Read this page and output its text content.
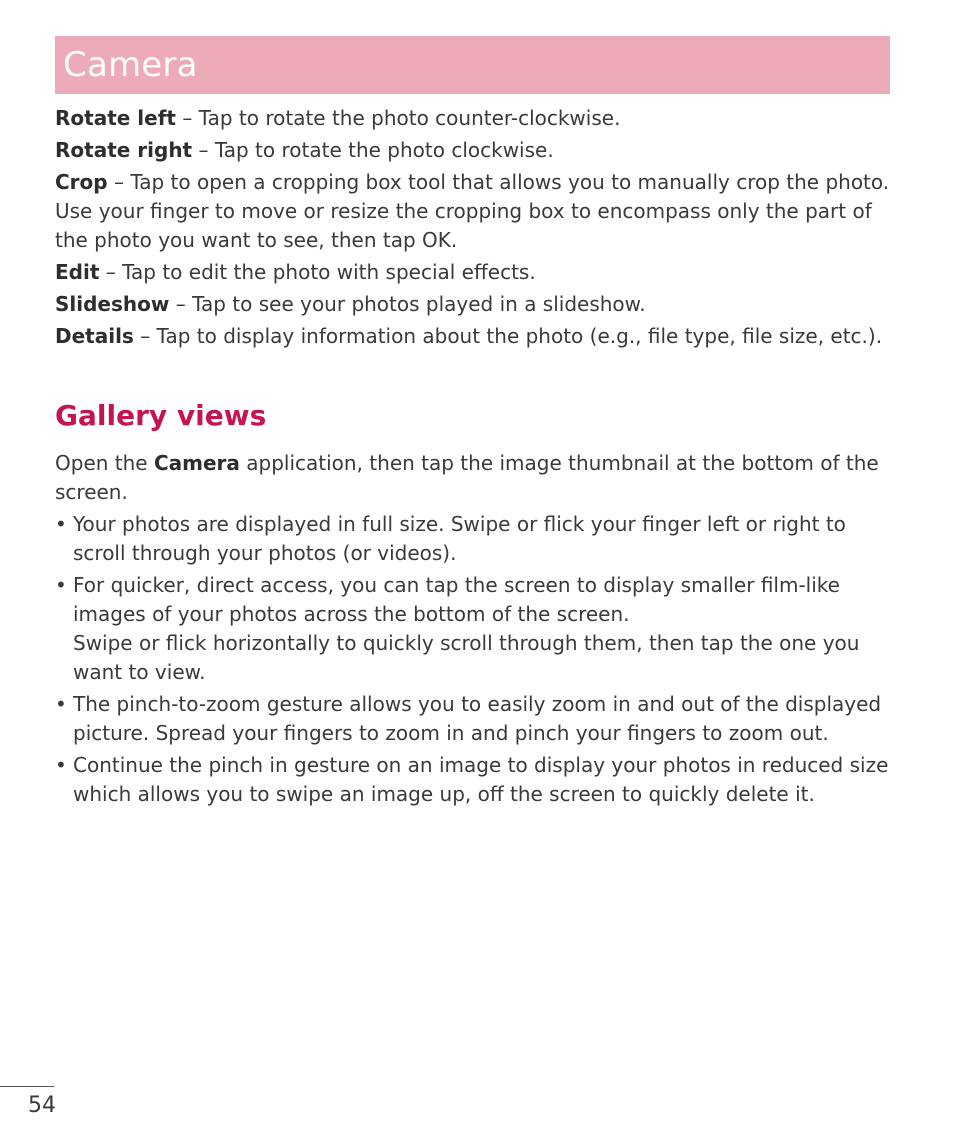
Camera

Rotate left – Tap to rotate the photo counter-clockwise.

Rotate right – Tap to rotate the photo clockwise.

Crop – Tap to open a cropping box tool that allows you to manually crop the photo. Use your finger to move or resize the cropping box to encompass only the part of the photo you want to see, then tap OK.

Edit – Tap to edit the photo with special effects.

Slideshow – Tap to see your photos played in a slideshow.

Details – Tap to display information about the photo (e.g., file type, file size, etc.).

Gallery views

Open the Camera application, then tap the image thumbnail at the bottom of the screen.

• Your photos are displayed in full size. Swipe or flick your finger left or right to scroll through your photos (or videos).
• For quicker, direct access, you can tap the screen to display smaller film-like images of your photos across the bottom of the screen.
Swipe or flick horizontally to quickly scroll through them, then tap the one you want to view.
• The pinch-to-zoom gesture allows you to easily zoom in and out of the displayed picture. Spread your fingers to zoom in and pinch your fingers to zoom out.
• Continue the pinch in gesture on an image to display your photos in reduced size which allows you to swipe an image up, off the screen to quickly delete it.
54
